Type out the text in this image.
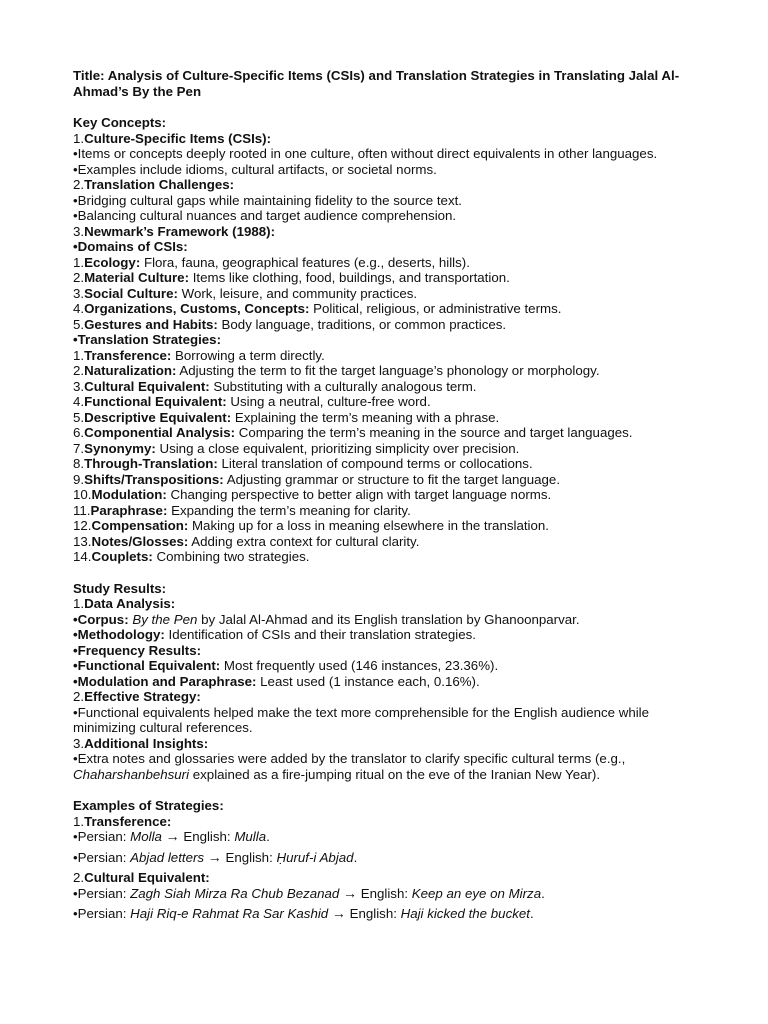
Title: Analysis of Culture-Specific Items (CSIs) and Translation Strategies in Translating Jalal Al-Ahmad’s By the Pen

Key Concepts:

1.Culture-Specific Items (CSIs):

•Items or concepts deeply rooted in one culture, often without direct equivalents in other languages.

•Examples include idioms, cultural artifacts, or societal norms.

2.Translation Challenges:

•Bridging cultural gaps while maintaining fidelity to the source text.

•Balancing cultural nuances and target audience comprehension.

3.Newmark’s Framework (1988):

•Domains of CSIs:

1.Ecology: Flora, fauna, geographical features (e.g., deserts, hills).

2.Material Culture: Items like clothing, food, buildings, and transportation.

3.Social Culture: Work, leisure, and community practices.

4.Organizations, Customs, Concepts: Political, religious, or administrative terms.

5.Gestures and Habits: Body language, traditions, or common practices.

•Translation Strategies:

1.Transference: Borrowing a term directly.

2.Naturalization: Adjusting the term to fit the target language’s phonology or morphology.

3.Cultural Equivalent: Substituting with a culturally analogous term.

4.Functional Equivalent: Using a neutral, culture-free word.

5.Descriptive Equivalent: Explaining the term’s meaning with a phrase.

6.Componential Analysis: Comparing the term’s meaning in the source and target languages.

7.Synonymy: Using a close equivalent, prioritizing simplicity over precision.

8.Through-Translation: Literal translation of compound terms or collocations.

9.Shifts/Transpositions: Adjusting grammar or structure to fit the target language.

10.Modulation: Changing perspective to better align with target language norms.

11.Paraphrase: Expanding the term’s meaning for clarity.

12.Compensation: Making up for a loss in meaning elsewhere in the translation.

13.Notes/Glosses: Adding extra context for cultural clarity.

14.Couplets: Combining two strategies.

Study Results:

1.Data Analysis:

•Corpus: By the Pen by Jalal Al-Ahmad and its English translation by Ghanoonparvar.

•Methodology: Identification of CSIs and their translation strategies.

•Frequency Results:

•Functional Equivalent: Most frequently used (146 instances, 23.36%).

•Modulation and Paraphrase: Least used (1 instance each, 0.16%).

2.Effective Strategy:

•Functional equivalents helped make the text more comprehensible for the English audience while minimizing cultural references.

3.Additional Insights:

•Extra notes and glossaries were added by the translator to clarify specific cultural terms (e.g.,
Chaharshanbehsuri explained as a fire-jumping ritual on the eve of the Iranian New Year).

Examples of Strategies:

1.Transference:

•Persian: Molla → English: Mulla.

•Persian: Abjad letters → English: Ḥuruf-i Abjad.

2.Cultural Equivalent:

•Persian: Zagh Siah Mirza Ra Chub Bezanad → English: Keep an eye on Mirza.

•Persian: Haji Riq-e Rahmat Ra Sar Kashid → English: Haji kicked the bucket.
